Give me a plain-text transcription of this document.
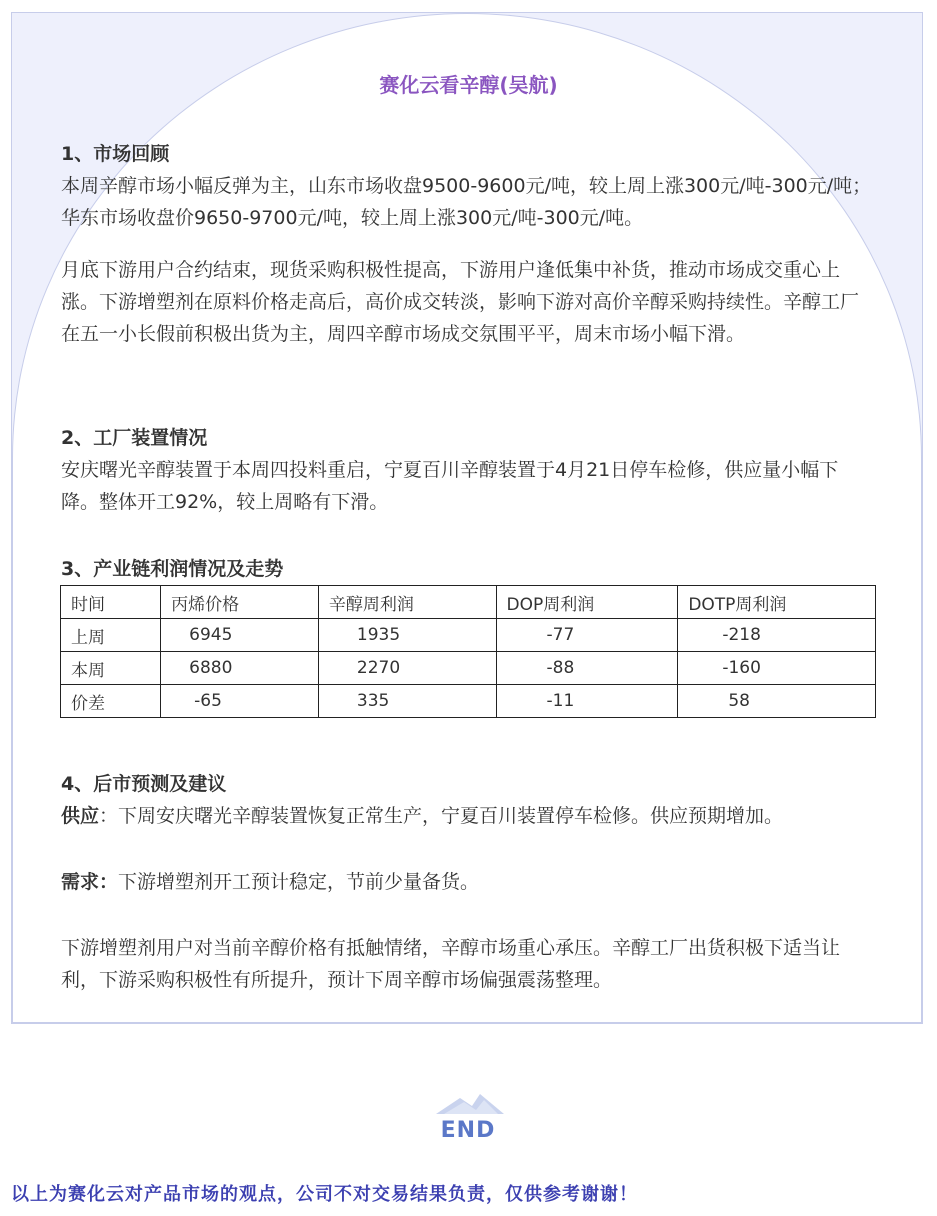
赛化云看辛醇(吴航)
1、市场回顾
本周辛醇市场小幅反弹为主，山东市场收盘9500-9600元/吨，较上周上涨300元/吨-300元/吨；华东市场收盘价9650-9700元/吨，较上周上涨300元/吨-300元/吨。
月底下游用户合约结束，现货采购积极性提高，下游用户逢低集中补货，推动市场成交重心上涨。下游增塑剂在原料价格走高后，高价成交转淡，影响下游对高价辛醇采购持续性。辛醇工厂在五一小长假前积极出货为主，周四辛醇市场成交氛围平平，周末市场小幅下滑。
2、工厂装置情况
安庆曙光辛醇装置于本周四投料重启，宁夏百川辛醇装置于4月21日停车检修，供应量小幅下降。整体开工92%，较上周略有下滑。
3、产业链利润情况及走势
时间	丙烯价格	辛醇周利润	DOP周利润	DOTP周利润
上周	6945	1935	-77	-218
本周	6880	2270	-88	-160
价差	-65	335	-11	58
4、后市预测及建议
供应：下周安庆曙光辛醇装置恢复正常生产，宁夏百川装置停车检修。供应预期增加。
需求：下游增塑剂开工预计稳定，节前少量备货。
下游增塑剂用户对当前辛醇价格有抵触情绪，辛醇市场重心承压。辛醇工厂出货积极下适当让利，下游采购积极性有所提升，预计下周辛醇市场偏强震荡整理。
END
以上为赛化云对产品市场的观点，公司不对交易结果负责，仅供参考谢谢！
